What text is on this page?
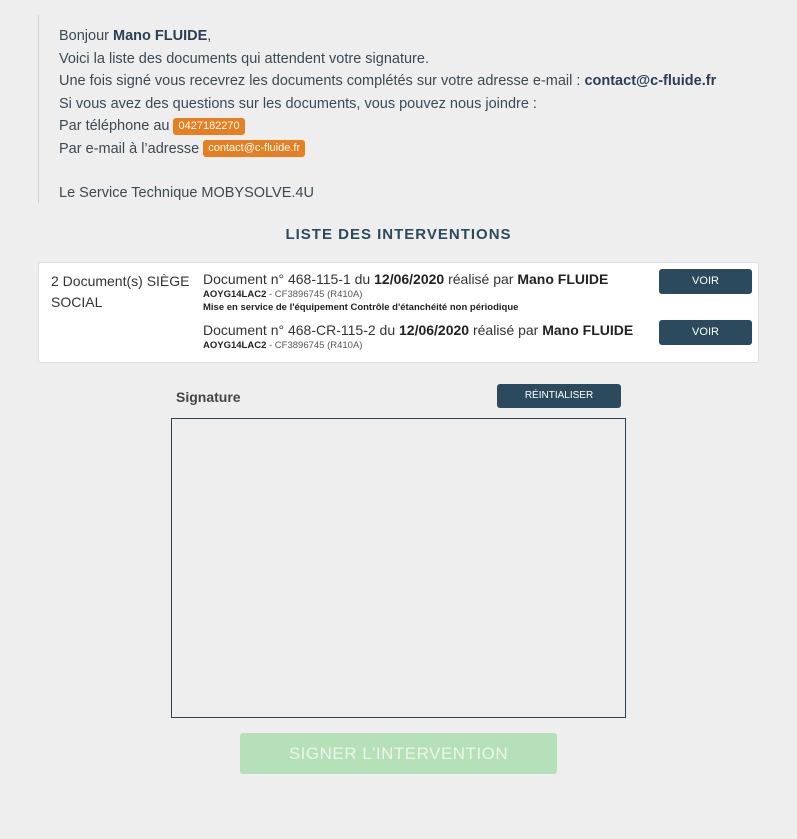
Bonjour Mano FLUIDE,
Voici la liste des documents qui attendent votre signature.
Une fois signé vous recevrez les documents complétés sur votre adresse e-mail : contact@c-fluide.fr
Si vous avez des questions sur les documents, vous pouvez nous joindre :
Par téléphone au 0427182270
Par e-mail à l’adresse contact@c-fluide.fr
Le Service Technique MOBYSOLVE.4U
LISTE DES INTERVENTIONS
2 Document(s) SIÈGE SOCIAL
Document n° 468-115-1 du 12/06/2020 réalisé par Mano FLUIDE
AOYG14LAC2 - CF3896745 (R410A)
Mise en service de l'équipement Contrôle d'étanchéité non périodique
VOIR
Document n° 468-CR-115-2 du 12/06/2020 réalisé par Mano FLUIDE
AOYG14LAC2 - CF3896745 (R410A)
VOIR
Signature	RÉINTIALISER
SIGNER L'INTERVENTION
